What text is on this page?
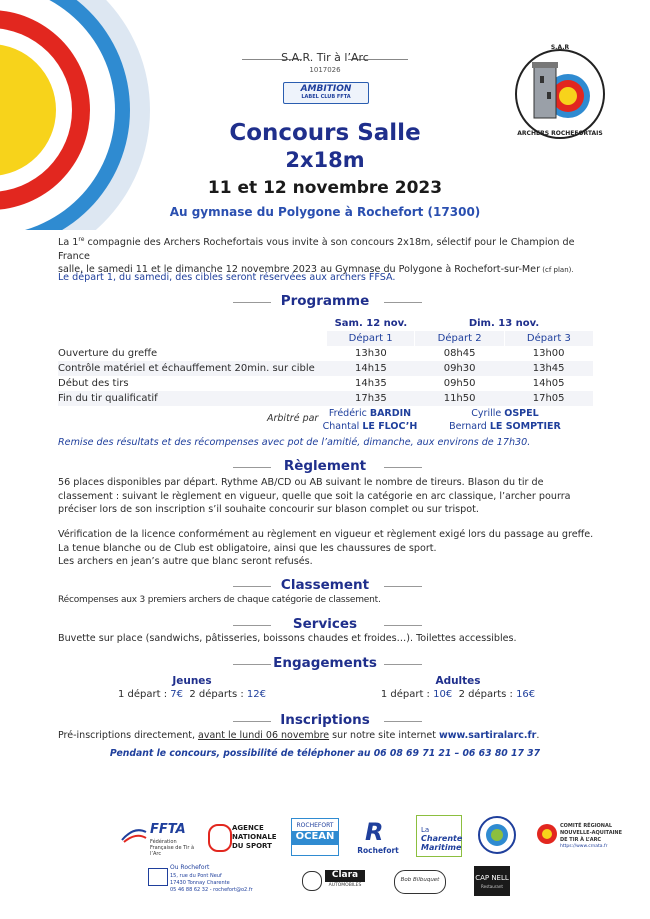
S.A.R. Tir à l’Arc
1017026
AMBITION
LABEL CLUB FFTA
S.A.R
ARCHERS ROCHEFORTAIS
Concours Salle
2x18m
11 et 12 novembre 2023
Au gymnase du Polygone à Rochefort (17300)
La 1re compagnie des Archers Rochefortais vous invite à son concours 2x18m, sélectif pour le Champion de France
salle, le samedi 11 et le dimanche 12 novembre 2023 au Gymnase du Polygone à Rochefort-sur-Mer (cf plan).
Le départ 1, du samedi, des cibles seront réservées aux archers FFSA.
Programme
	Sam. 12 nov.	Dim. 13 nov.	
	Départ 1	Départ 2	Départ 3
Ouverture du greffe	13h30	08h45	13h00
Contrôle matériel et échauffement 20min. sur cible	14h15	09h30	13h45
Début des tirs	14h35	09h50	14h05
Fin du tir qualificatif	17h35	11h50	17h05
Arbitré par	Frédéric BARDIN
Chantal LE FLOC’H
Cyrille OSPEL
Bernard LE SOMPTIER
Remise des résultats et des récompenses avec pot de l’amitié, dimanche, aux environs de 17h30.
Règlement
56 places disponibles par départ. Rythme AB/CD ou AB suivant le nombre de tireurs. Blason du tir de
classement : suivant le règlement en vigueur, quelle que soit la catégorie en arc classique, l’archer pourra
préciser lors de son inscription s’il souhaite concourir sur blason complet ou sur trispot.
Vérification de la licence conformément au règlement en vigueur et règlement exigé lors du passage au greffe.
La tenue blanche ou de Club est obligatoire, ainsi que les chaussures de sport.
Les archers en jean’s autre que blanc seront refusés.
Classement
Récompenses aux 3 premiers archers de chaque catégorie de classement.
Services
Buvette sur place (sandwichs, pâtisseries, boissons chaudes et froides…). Toilettes accessibles.
Engagements
Jeunes
1 départ : 7€ 2 départs : 12€
Adultes
1 départ : 10€ 2 départs : 16€
Inscriptions
Pré-inscriptions directement, avant le lundi 06 novembre sur notre site internet www.sartiralarc.fr.
Pendant le concours, possibilité de téléphoner au 06 08 69 71 21 – 06 63 80 17 37
FFTA
Fédération Française de Tir à l’Arc
AGENCE
NATIONALE
DU SPORT
ROCHEFORT
OCEAN R
Rochefort
La
Charente
Maritime
COMITÉ RÉGIONAL
NOUVELLE-AQUITAINE
DE TIR À L’ARC
https://www.crnata.fr
Ou Rochefort
15, rue du Pont Neuf
17430 Tonnay Charente
05 46 88 62 32 - rochefort@o2.fr
Clara
AUTOMOBILES
Bob Bilbuquet	CAP NELL
Restaurant
